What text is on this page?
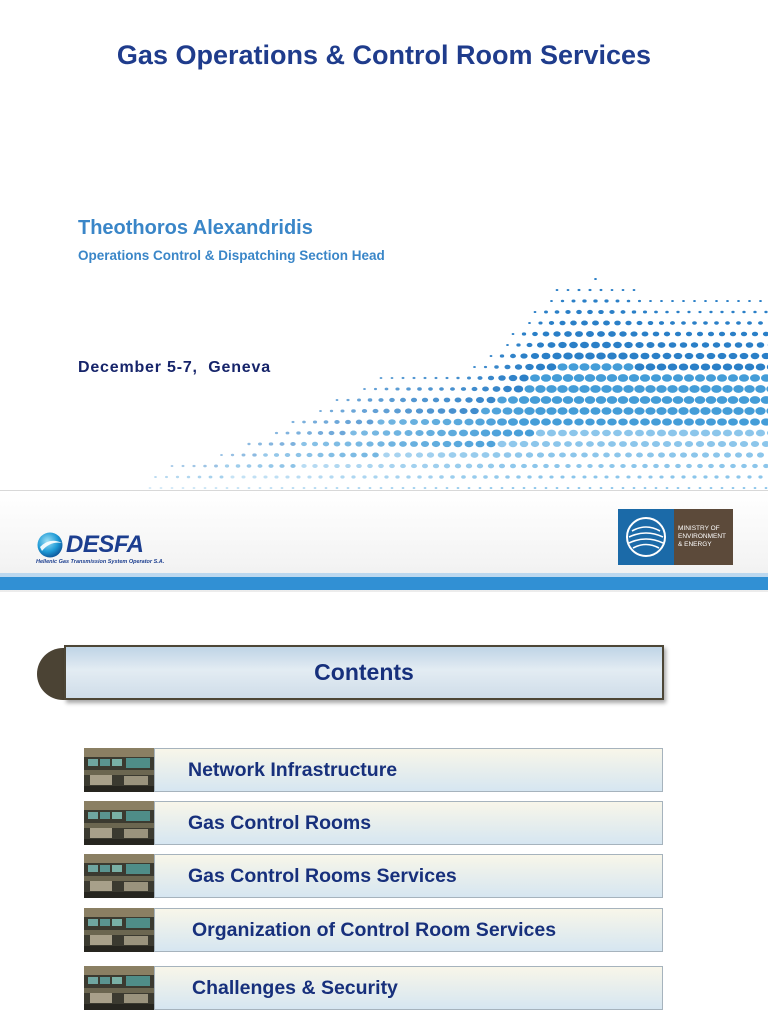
Gas Operations & Control Room Services
Theothoros Alexandridis
Operations Control & Dispatching Section Head
December 5-7,  Geneva
DESFA
Hellenic Gas Transmission System Operator S.A.
MINISTRY OF
ENVIRONMENT
& ENERGY
Contents
Network Infrastructure
Gas Control Rooms
Gas Control Rooms Services
Organization of Control Room Services
Challenges & Security
